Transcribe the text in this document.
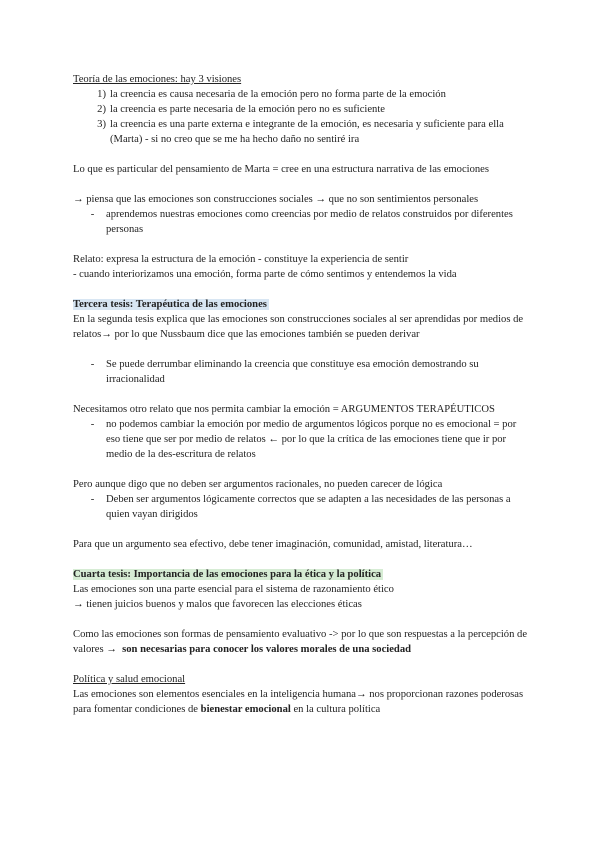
Teoría de las emociones: hay 3 visiones

1) la creencia es causa necesaria de la emoción pero no forma parte de la emoción
2) la creencia es parte necesaria de la emoción pero no es suficiente
3) la creencia es una parte externa e integrante de la emoción, es necesaria y suficiente para ella (Marta) - si no creo que se me ha hecho daño no sentiré ira

Lo que es particular del pensamiento de Marta = cree en una estructura narrativa de las emociones

→ piensa que las emociones son construcciones sociales → que no son sentimientos personales

-	aprendemos nuestras emociones como creencias por medio de relatos construidos por diferentes personas

Relato: expresa la estructura de la emoción - constituye la experiencia de sentir

- cuando interiorizamos una emoción, forma parte de cómo sentimos y entendemos la vida

Tercera tesis: Terapéutica de las emociones

En la segunda tesis explica que las emociones son construcciones sociales al ser aprendidas por medios de relatos→ por lo que Nussbaum dice que las emociones también se pueden derivar

-	Se puede derrumbar eliminando la creencia que constituye esa emoción demostrando su irracionalidad

Necesitamos otro relato que nos permita cambiar la emoción = ARGUMENTOS TERAPÉUTICOS

-	no podemos cambiar la emoción por medio de argumentos lógicos porque no es emocional = por eso tiene que ser por medio de relatos ← por lo que la crítica de las emociones tiene que ir por medio de la des-escritura de relatos

Pero aunque digo que no deben ser argumentos racionales, no pueden carecer de lógica

-	Deben ser argumentos lógicamente correctos que se adapten a las necesidades de las personas a quien vayan dirigidos

Para que un argumento sea efectivo, debe tener imaginación, comunidad, amistad, literatura…

Cuarta tesis: Importancia de las emociones para la ética y la política

Las emociones son una parte esencial para el sistema de razonamiento ético

→ tienen juicios buenos y malos que favorecen las elecciones éticas

Como las emociones son formas de pensamiento evaluativo -> por lo que son respuestas a la percepción de valores → son necesarias para conocer los valores morales de una sociedad

Política y salud emocional

Las emociones son elementos esenciales en la inteligencia humana→ nos proporcionan razones poderosas para fomentar condiciones de bienestar emocional en la cultura política
